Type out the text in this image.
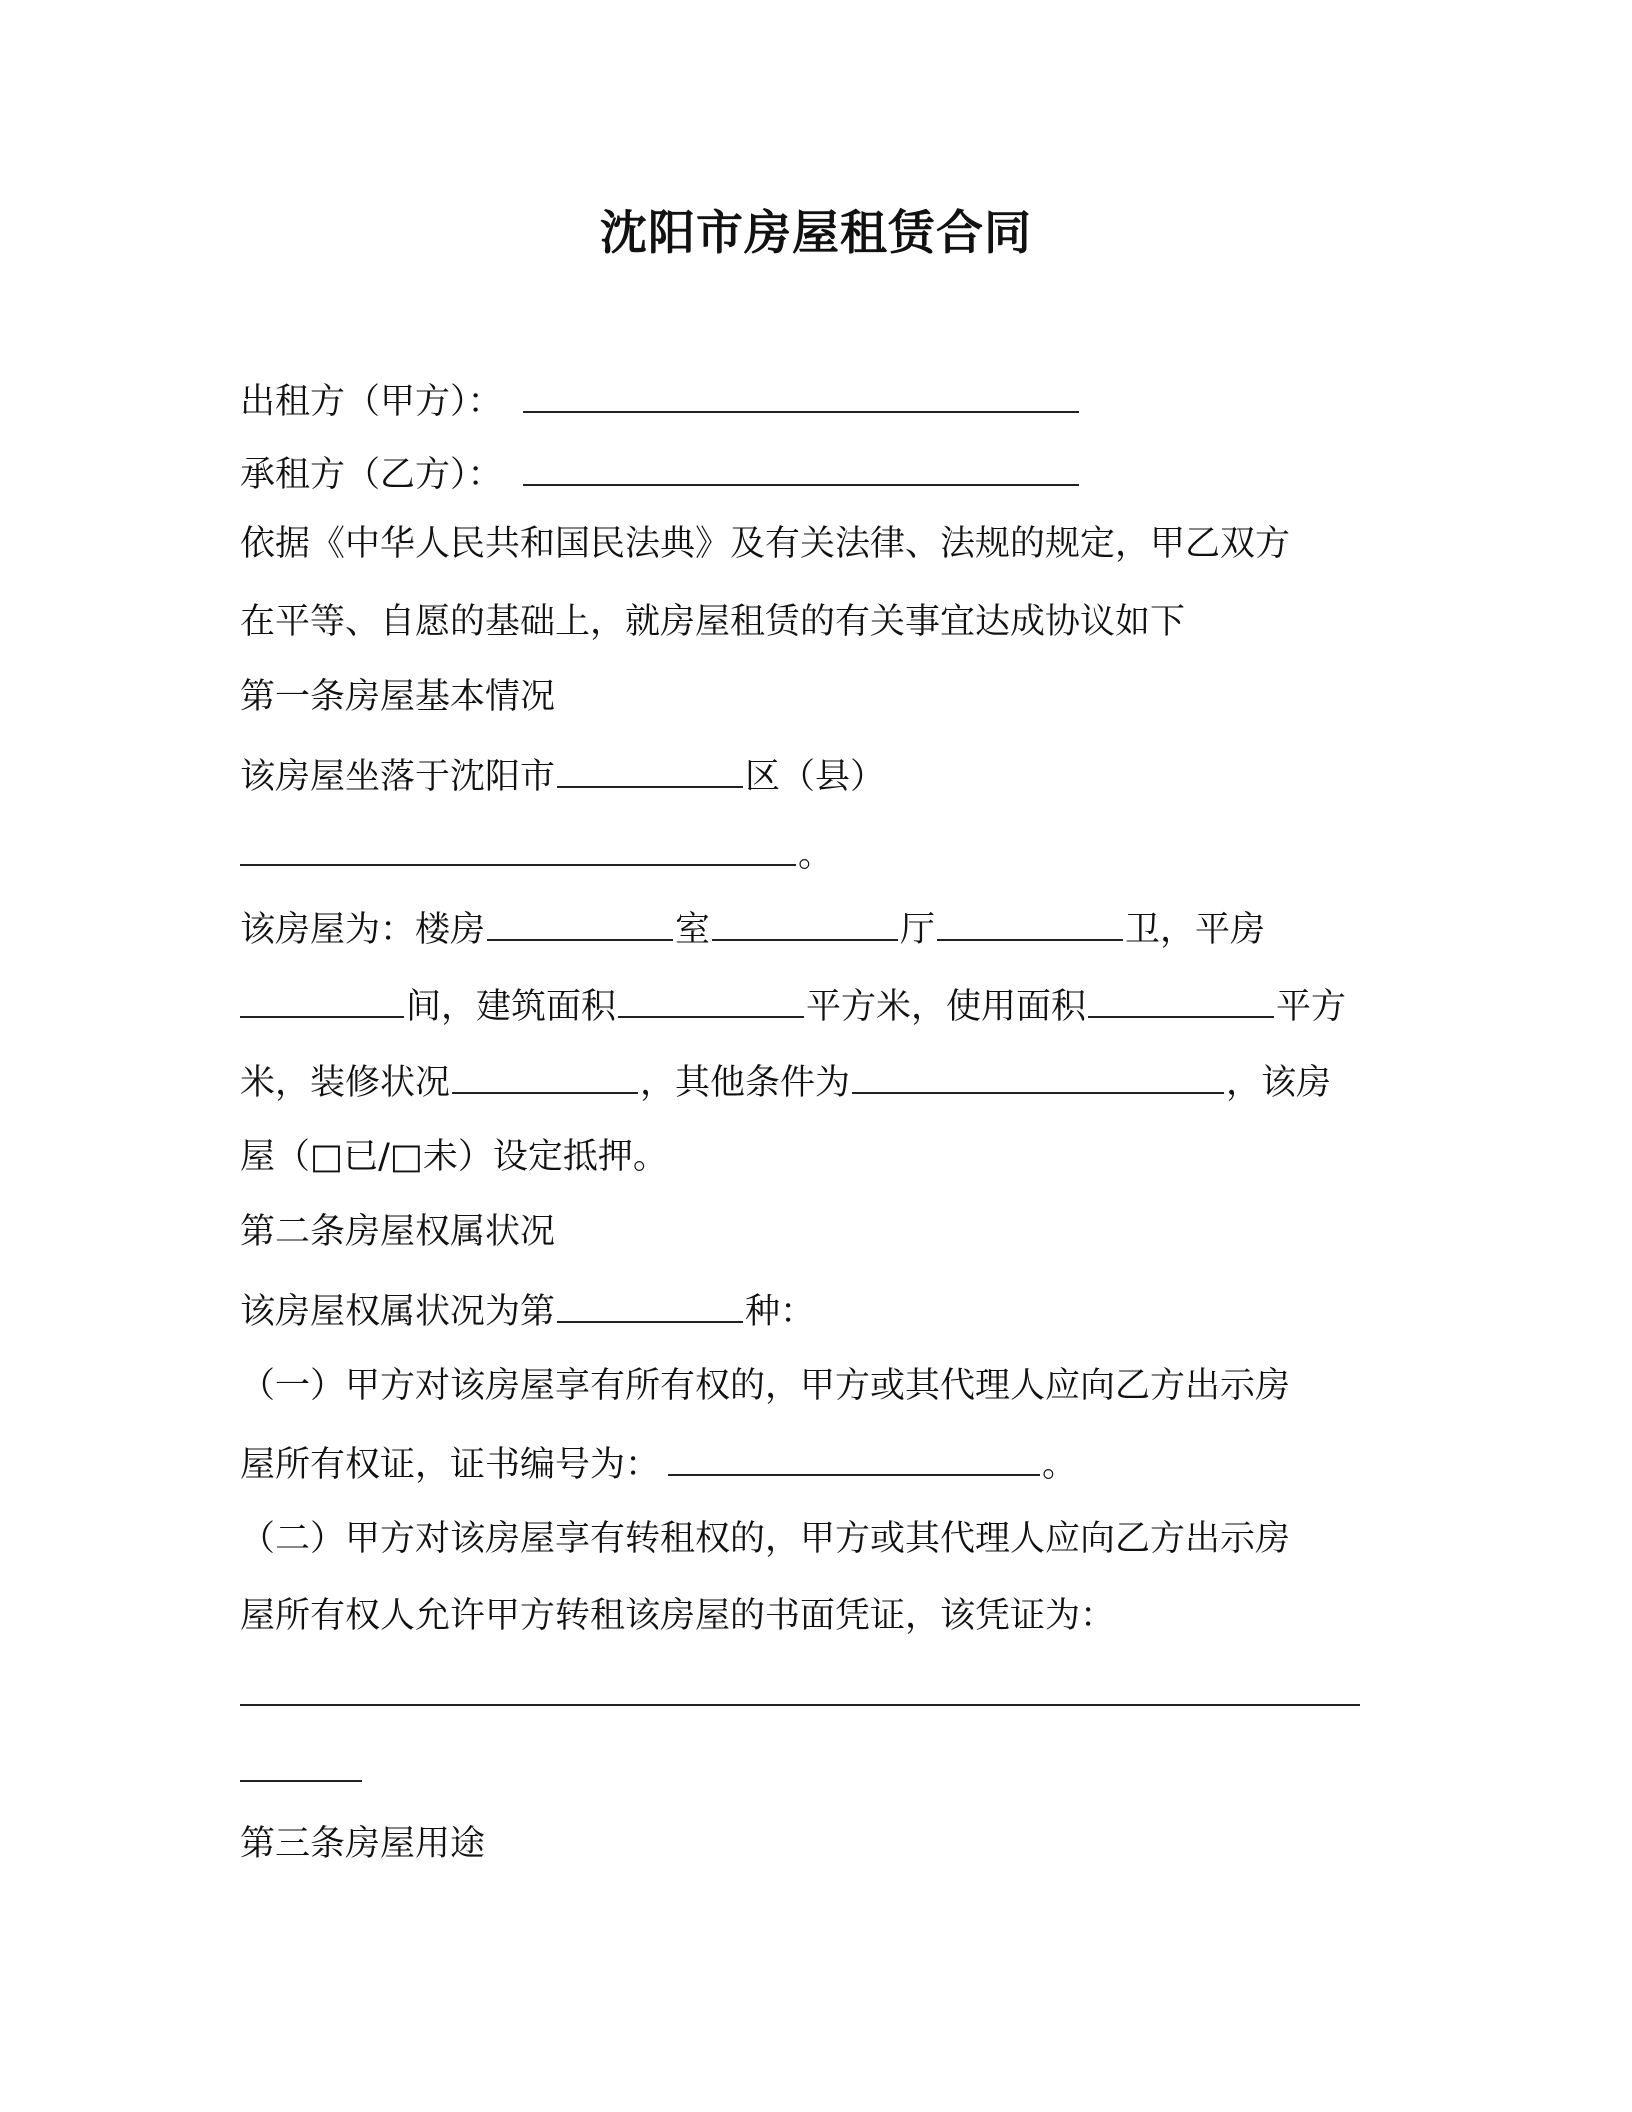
沈阳市房屋租赁合同
出租方（甲方）：
承租方（乙方）：
依据《中华人民共和国民法典》及有关法律、法规的规定，甲乙双方
在平等、自愿的基础上，就房屋租赁的有关事宜达成协议如下
第一条房屋基本情况
该房屋坐落于沈阳市	区（县）
。
该房屋为：楼房	室	厅	卫，平房
间，建筑面积	平方米，使用面积	平方
米，装修状况	，其他条件为	，该房
屋（□已/□未）设定抵押。
第二条房屋权属状况
该房屋权属状况为第	种：
（一）甲方对该房屋享有所有权的，甲方或其代理人应向乙方出示房
屋所有权证，证书编号为：	。
（二）甲方对该房屋享有转租权的，甲方或其代理人应向乙方出示房
屋所有权人允许甲方转租该房屋的书面凭证，该凭证为：
第三条房屋用途
